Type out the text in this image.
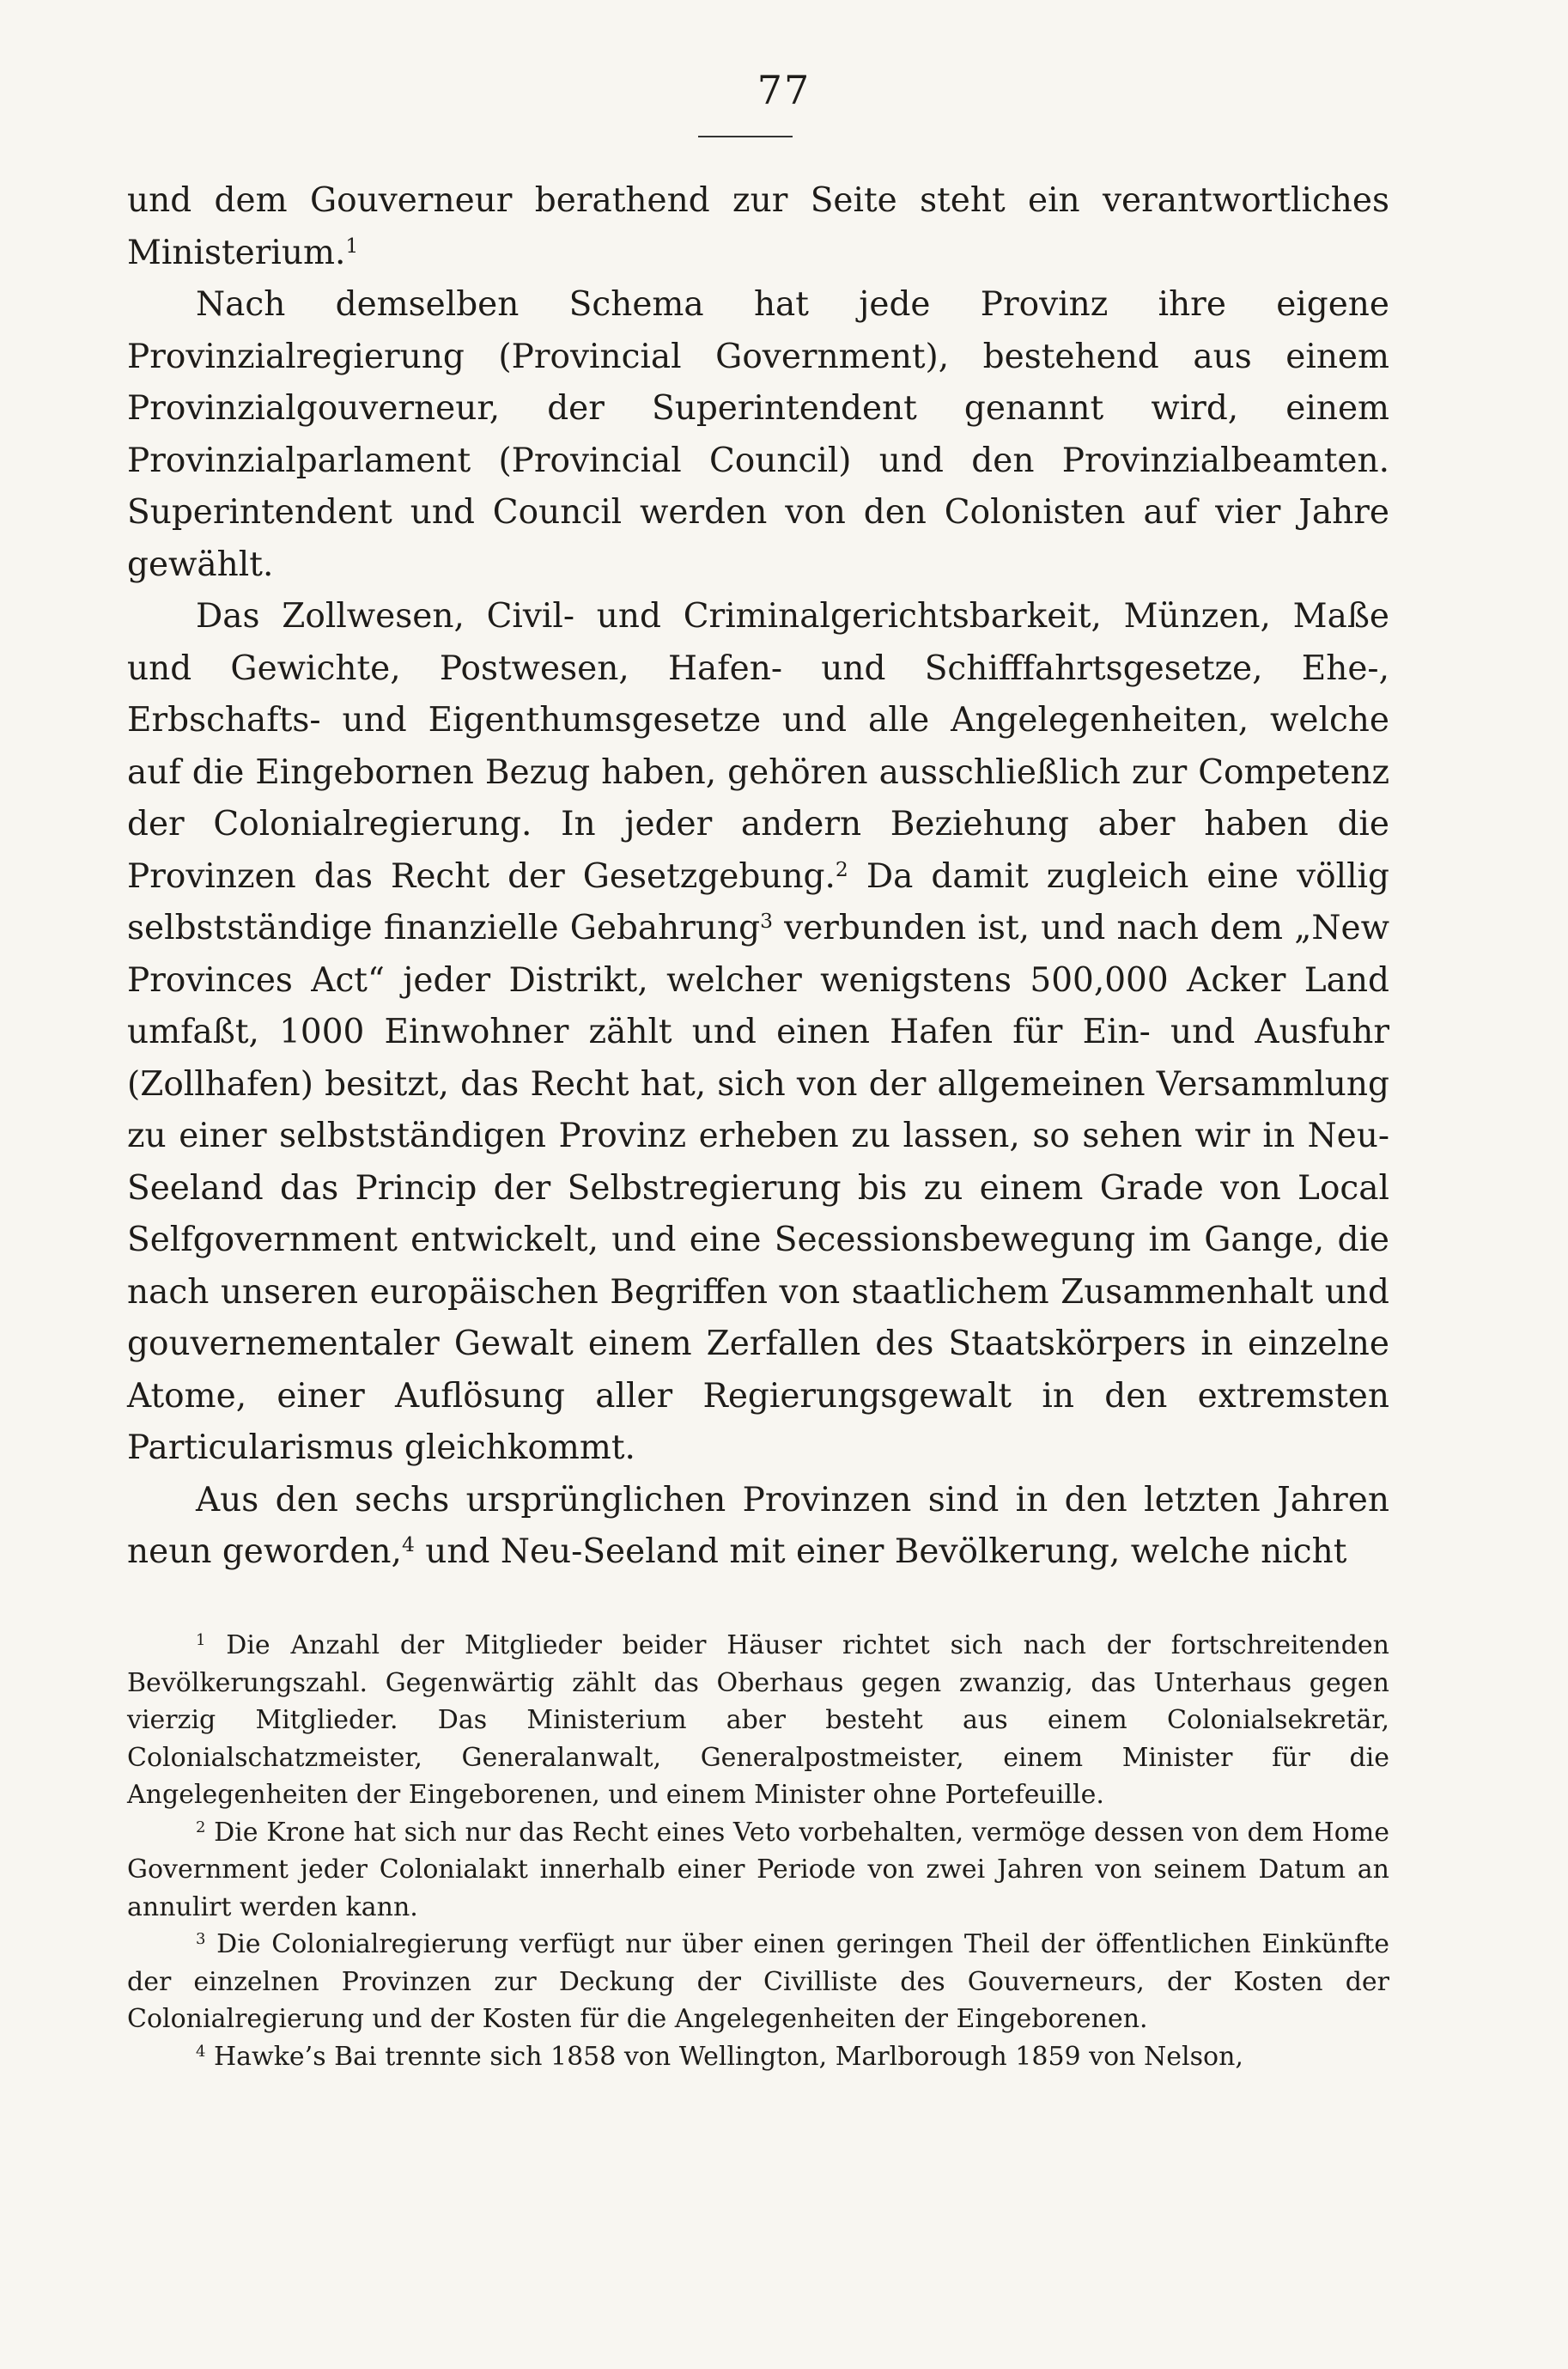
77

und dem Gouverneur berathend zur Seite steht ein verantwortliches Ministerium.$^1$

Nach demselben Schema hat jede Provinz ihre eigene Provinzialregierung (Provincial Government), bestehend aus einem Provinzialgouverneur, der Superintendent genannt wird, einem Provinzialparlament (Provincial Council) und den Provinzialbeamten. Superintendent und Council werden von den Colonisten auf vier Jahre gewählt.

Das Zollwesen, Civil- und Criminalgerichtsbarkeit, Münzen, Maße und Gewichte, Postwesen, Hafen- und Schifffahrtsgesetze, Ehe-, Erbschafts- und Eigenthumsgesetze und alle Angelegenheiten, welche auf die Eingebornen Bezug haben, gehören ausschließlich zur Competenz der Colonialregierung. In jeder andern Beziehung aber haben die Provinzen das Recht der Gesetzgebung.$^2$ Da damit zugleich eine völlig selbstständige finanzielle Gebahrung$^3$ verbunden ist, und nach dem „New Provinces Act“ jeder Distrikt, welcher wenigstens 500,000 Acker Land umfaßt, 1000 Einwohner zählt und einen Hafen für Ein- und Ausfuhr (Zollhafen) besitzt, das Recht hat, sich von der allgemeinen Versammlung zu einer selbstständigen Provinz erheben zu lassen, so sehen wir in Neu-Seeland das Princip der Selbstregierung bis zu einem Grade von Local Selfgovernment entwickelt, und eine Secessionsbewegung im Gange, die nach unseren europäischen Begriffen von staatlichem Zusammenhalt und gouvernementaler Gewalt einem Zerfallen des Staatskörpers in einzelne Atome, einer Auflösung aller Regierungsgewalt in den extremsten Particularismus gleichkommt.

Aus den sechs ursprünglichen Provinzen sind in den letzten Jahren neun geworden,$^4$ und Neu-Seeland mit einer Bevölkerung, welche nicht

$^1$ Die Anzahl der Mitglieder beider Häuser richtet sich nach der fortschreitenden Bevölkerungszahl. Gegenwärtig zählt das Oberhaus gegen zwanzig, das Unterhaus gegen vierzig Mitglieder. Das Ministerium aber besteht aus einem Colonialsekretär, Colonialschatzmeister, Generalanwalt, Generalpostmeister, einem Minister für die Angelegenheiten der Eingeborenen, und einem Minister ohne Portefeuille.

$^2$ Die Krone hat sich nur das Recht eines Veto vorbehalten, vermöge dessen von dem Home Government jeder Colonialakt innerhalb einer Periode von zwei Jahren von seinem Datum an annulirt werden kann.

$^3$ Die Colonialregierung verfügt nur über einen geringen Theil der öffentlichen Einkünfte der einzelnen Provinzen zur Deckung der Civilliste des Gouverneurs, der Kosten der Colonialregierung und der Kosten für die Angelegenheiten der Eingeborenen.

$^4$ Hawke’s Bai trennte sich 1858 von Wellington, Marlborough 1859 von Nelson,
